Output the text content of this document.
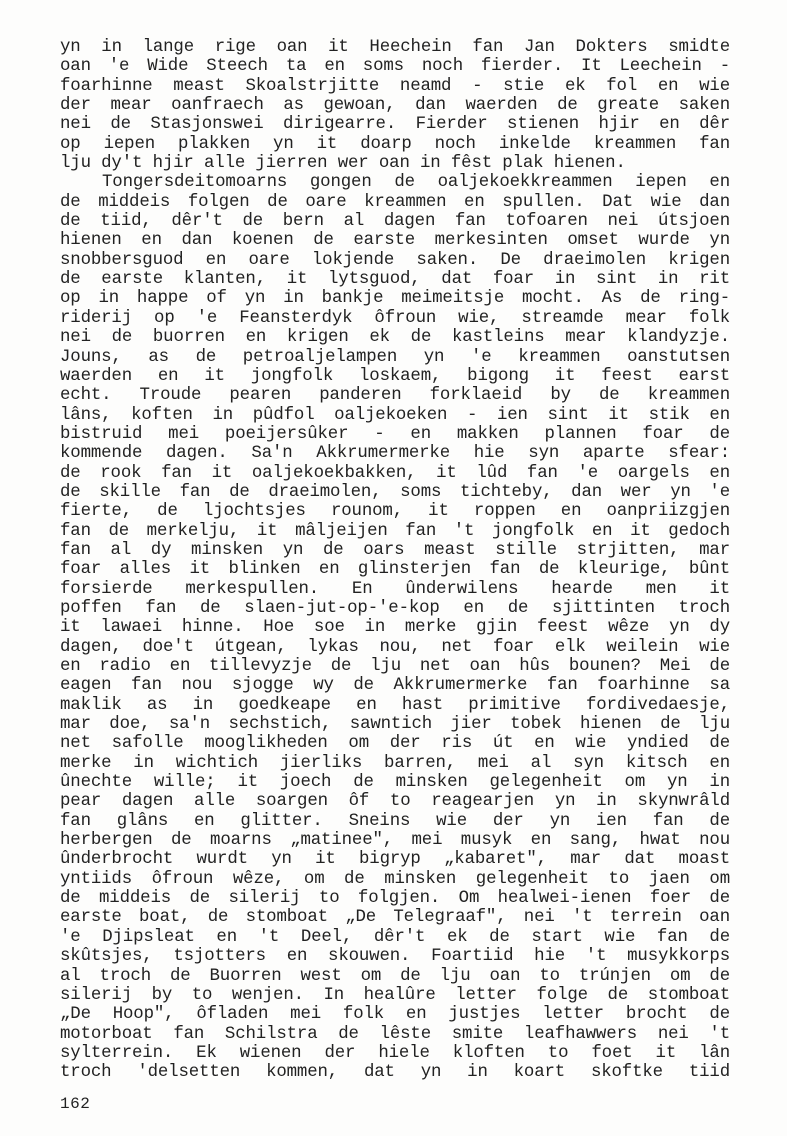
yn in lange rige oan it Heechein fan Jan Dokters smidte
oan 'e Wide Steech ta en soms noch fierder. It Leechein -
foarhinne meast Skoalstrjitte neamd - stie ek fol en wie
der mear oanfraech as gewoan, dan waerden de greate saken
nei de Stasjonswei dirigearre. Fierder stienen hjir en dêr
op iepen plakken yn it doarp noch inkelde kreammen fan
lju dy't hjir alle jierren wer oan in fêst plak hienen.
Tongersdeitomoarns gongen de oaljekoekkreammen iepen en
de middeis folgen de oare kreammen en spullen. Dat wie dan
de tiid, dêr't de bern al dagen fan tofoaren nei útsjoen
hienen en dan koenen de earste merkesinten omset wurde yn
snobbersguod en oare lokjende saken. De draeimolen krigen
de earste klanten, it lytsguod, dat foar in sint in rit
op in happe of yn in bankje meimeitsje mocht. As de ring-
riderij op 'e Feansterdyk ôfroun wie, streamde mear folk
nei de buorren en krigen ek de kastleins mear klandyzje.
Jouns, as de petroaljelampen yn 'e kreammen oanstutsen
waerden en it jongfolk loskaem, bigong it feest earst
echt. Troude pearen panderen forklaeid by de kreammen
lâns, koften in pûdfol oaljekoeken - ien sint it stik en
bistruid mei poeijersûker - en makken plannen foar de
kommende dagen. Sa'n Akkrumermerke hie syn aparte sfear:
de rook fan it oaljekoekbakken, it lûd fan 'e oargels en
de skille fan de draeimolen, soms tichteby, dan wer yn 'e
fierte, de ljochtsjes rounom, it roppen en oanpriizgjen
fan de merkelju, it mâljeijen fan 't jongfolk en it gedoch
fan al dy minsken yn de oars meast stille strjitten, mar
foar alles it blinken en glinsterjen fan de kleurige, bûnt
forsierde merkespullen. En ûnderwilens hearde men it
poffen fan de slaen-jut-op-'e-kop en de sjittinten troch
it lawaei hinne. Hoe soe in merke gjin feest wêze yn dy
dagen, doe't útgean, lykas nou, net foar elk weilein wie
en radio en tillevyzje de lju net oan hûs bounen? Mei de
eagen fan nou sjogge wy de Akkrumermerke fan foarhinne sa
maklik as in goedkeape en hast primitive fordivedaesje,
mar doe, sa'n sechstich, sawntich jier tobek hienen de lju
net safolle mooglikheden om der ris út en wie yndied de
merke in wichtich jierliks barren, mei al syn kitsch en
ûnechte wille; it joech de minsken gelegenheit om yn in
pear dagen alle soargen ôf to reagearjen yn in skynwrâld
fan glâns en glitter. Sneins wie der yn ien fan de
herbergen de moarns „matinee", mei musyk en sang, hwat nou
ûnderbrocht wurdt yn it bigryp „kabaret", mar dat moast
yntiids ôfroun wêze, om de minsken gelegenheit to jaen om
de middeis de silerij to folgjen. Om healwei-ienen foer de
earste boat, de stomboat „De Telegraaf", nei 't terrein oan
'e Djipsleat en 't Deel, dêr't ek de start wie fan de
skûtsjes, tsjotters en skouwen. Foartiid hie 't musykkorps
al troch de Buorren west om de lju oan to trúnjen om de
silerij by to wenjen. In healûre letter folge de stomboat
„De Hoop", ôfladen mei folk en justjes letter brocht de
motorboat fan Schilstra de lêste smite leafhawwers nei 't
sylterrein. Ek wienen der hiele kloften to foet it lân
troch 'delsetten kommen, dat yn in koart skoftke tiid
162
